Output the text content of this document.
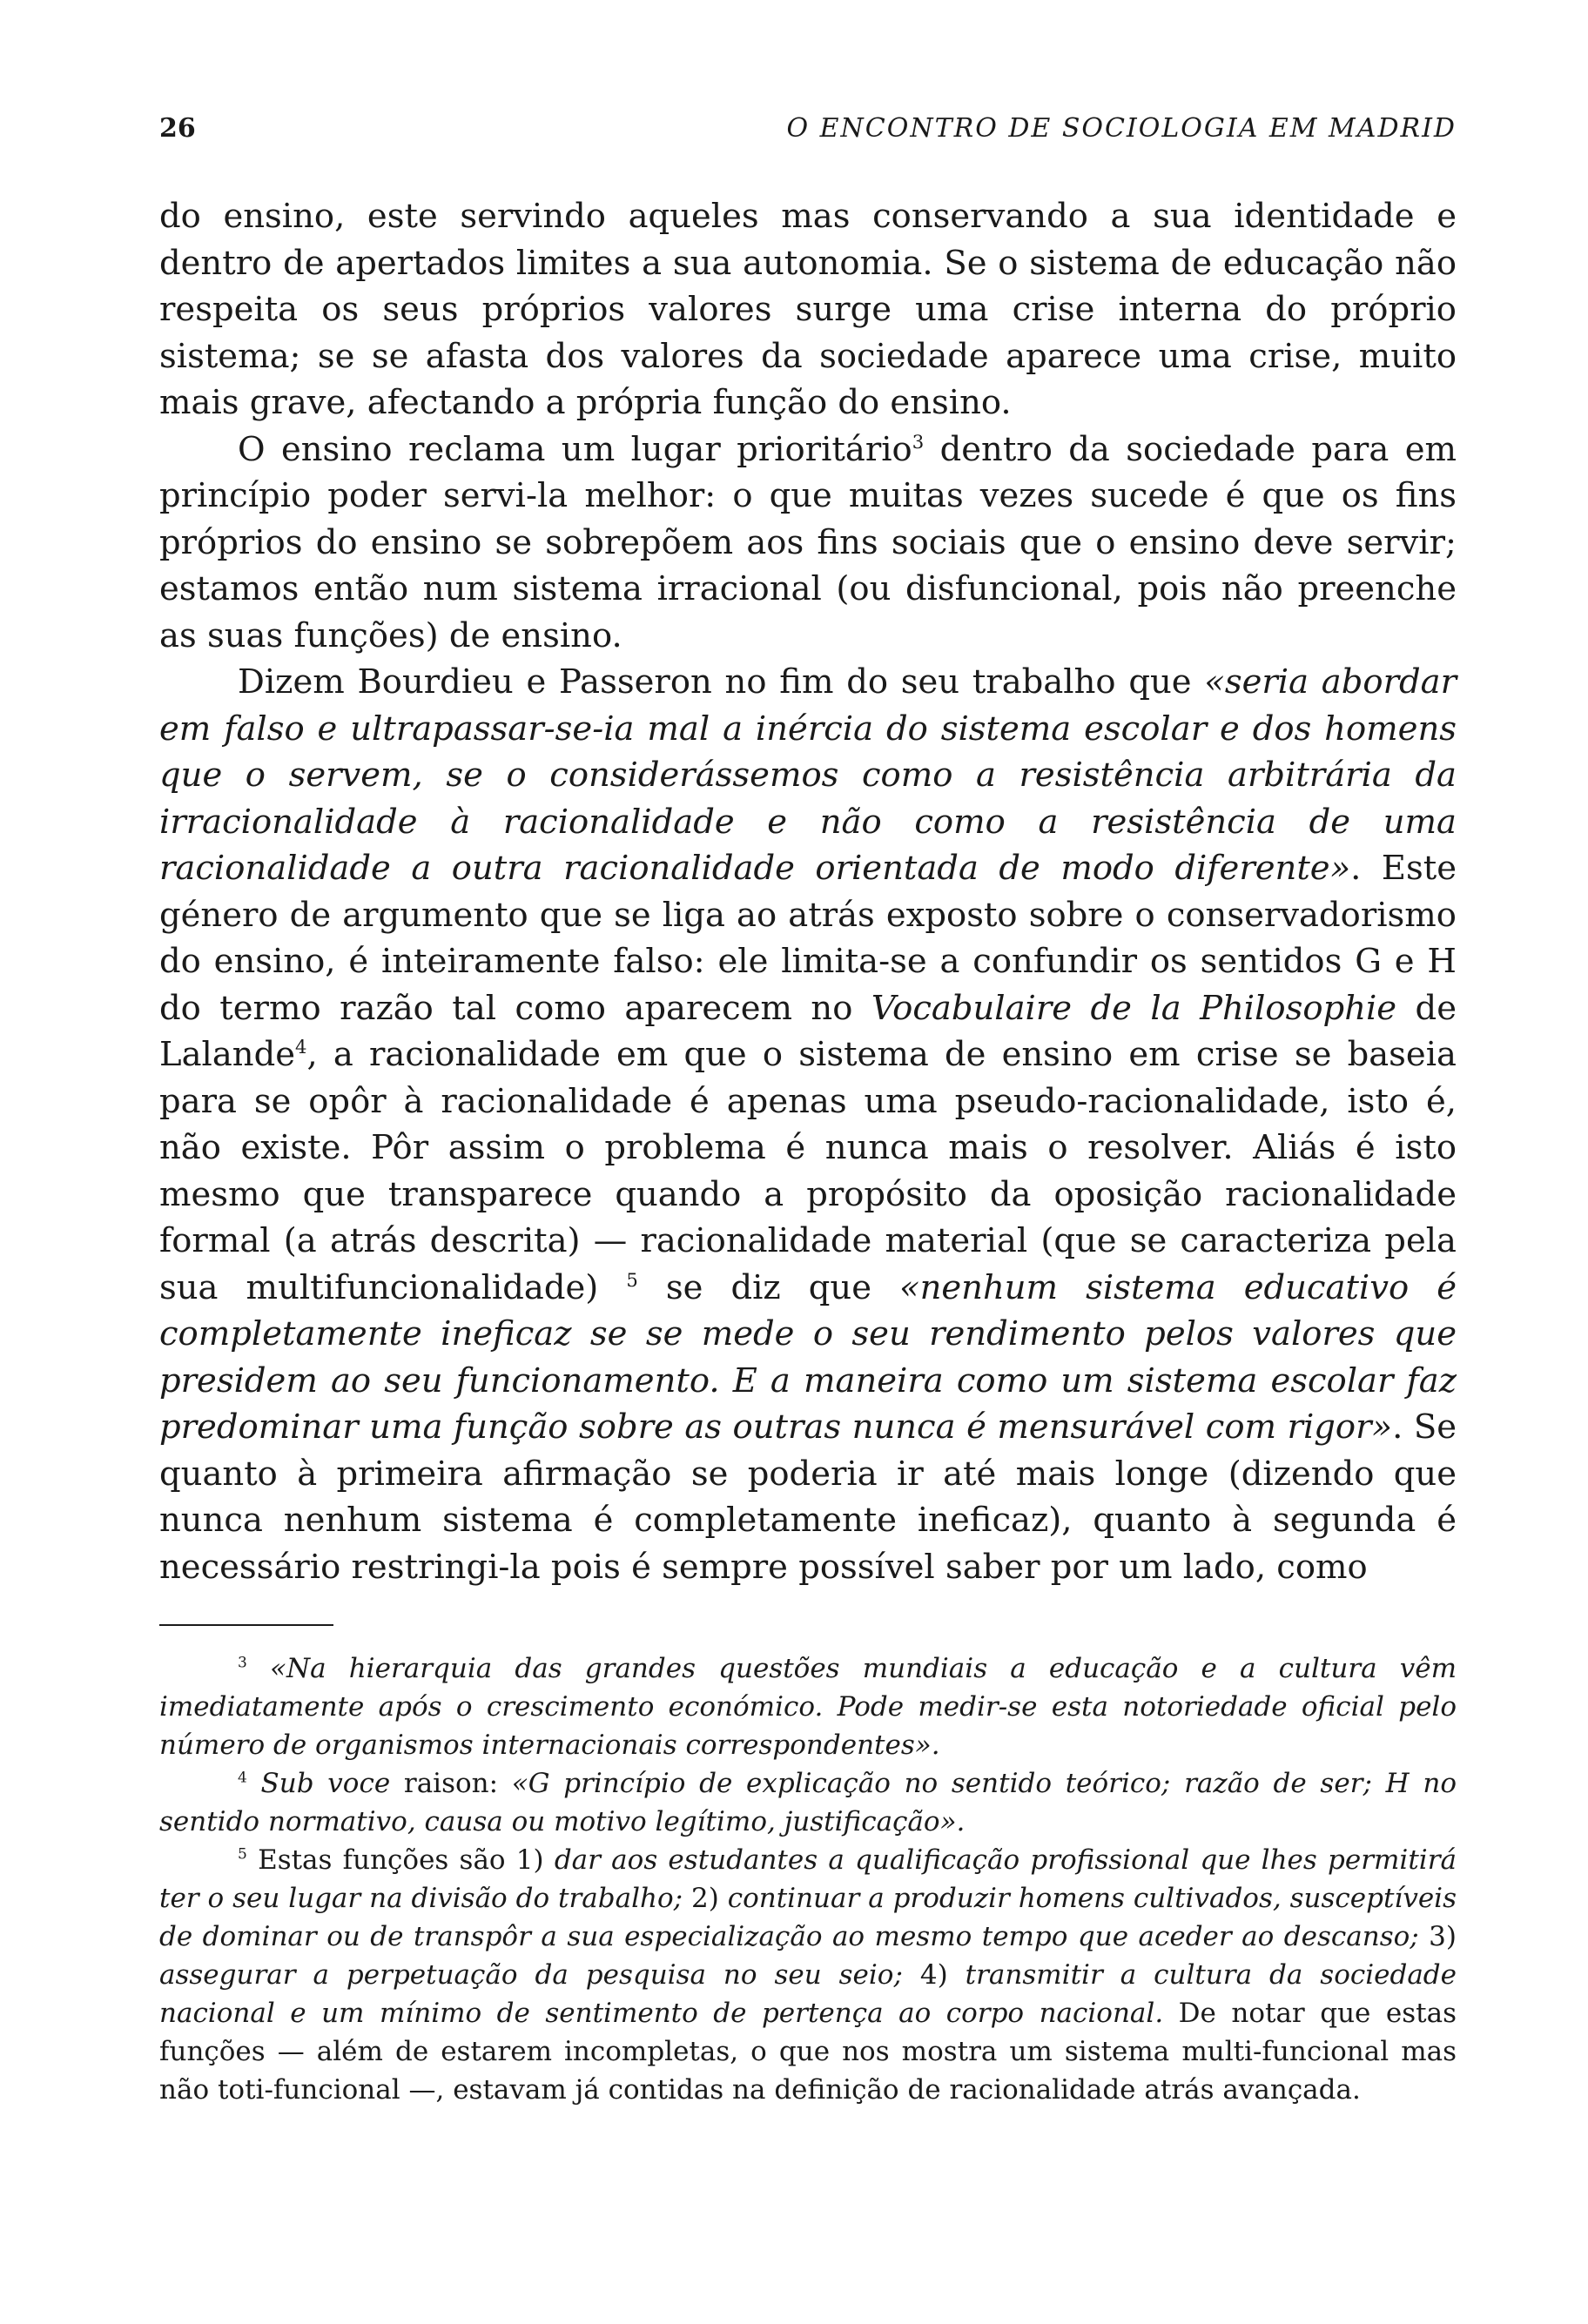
26	O ENCONTRO DE SOCIOLOGIA EM MADRID

do ensino, este servindo aqueles mas conservando a sua identidade e dentro de apertados limites a sua autonomia. Se o sistema de educação não respeita os seus próprios valores surge uma crise interna do próprio sistema; se se afasta dos valores da sociedade aparece uma crise, muito mais grave, afectando a própria função do ensino.

O ensino reclama um lugar prioritário$^3$ dentro da sociedade para em princípio poder servi-la melhor: o que muitas vezes sucede é que os fins próprios do ensino se sobrepõem aos fins sociais que o ensino deve servir; estamos então num sistema irracional (ou disfuncional, pois não preenche as suas funções) de ensino.

Dizem Bourdieu e Passeron no fim do seu trabalho que «seria abordar em falso e ultrapassar-se-ia mal a inércia do sistema escolar e dos homens que o servem, se o considerássemos como a resistência arbitrária da irracionalidade à racionalidade e não como a resistência de uma racionalidade a outra racionalidade orientada de modo diferente». Este género de argumento que se liga ao atrás exposto sobre o conservadorismo do ensino, é inteiramente falso: ele limita-se a confundir os sentidos G e H do termo razão tal como aparecem no Vocabulaire de la Philosophie de Lalande$^4$, a racionalidade em que o sistema de ensino em crise se baseia para se opôr à racionalidade é apenas uma pseudo-racionalidade, isto é, não existe. Pôr assim o problema é nunca mais o resolver. Aliás é isto mesmo que transparece quando a propósito da oposição racionalidade formal (a atrás descrita) — racionalidade material (que se caracteriza pela sua multifuncionalidade) $^5$ se diz que «nenhum sistema educativo é completamente ineficaz se se mede o seu rendimento pelos valores que presidem ao seu funcionamento. E a maneira como um sistema escolar faz predominar uma função sobre as outras nunca é mensurável com rigor». Se quanto à primeira afirmação se poderia ir até mais longe (dizendo que nunca nenhum sistema é completamente ineficaz), quanto à segunda é necessário restringi-la pois é sempre possível saber por um lado, como

$^3$ «Na hierarquia das grandes questões mundiais a educação e a cultura vêm imediatamente após o crescimento económico. Pode medir-se esta notoriedade oficial pelo número de organismos internacionais correspondentes».

$^4$ Sub voce raison: «G princípio de explicação no sentido teórico; razão de ser; H no sentido normativo, causa ou motivo legítimo, justificação».

$^5$ Estas funções são 1) dar aos estudantes a qualificação profissional que lhes permitirá ter o seu lugar na divisão do trabalho; 2) continuar a produzir homens cultivados, susceptíveis de dominar ou de transpôr a sua especialização ao mesmo tempo que aceder ao descanso; 3) assegurar a perpetuação da pesquisa no seu seio; 4) transmitir a cultura da sociedade nacional e um mínimo de sentimento de pertença ao corpo nacional. De notar que estas funções — além de estarem incompletas, o que nos mostra um sistema multi-funcional mas não toti-funcional —, estavam já contidas na definição de racionalidade atrás avançada.
